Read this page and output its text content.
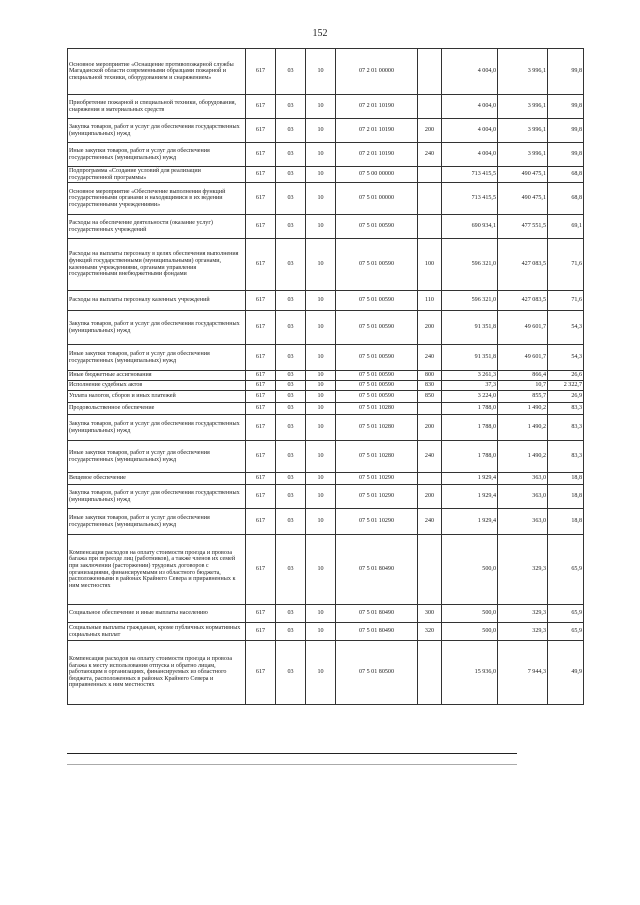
152
Основное мероприятие «Оснащение противопожарной службы Магаданской области современными образцами пожарной и специальной техники, оборудованием и снаряжением»	617	03	10	07 2 01 00000		4 004,0	3 996,1	99,8
Приобретение пожарной и специальной техники, оборудования, снаряжения и материальных средств	617	03	10	07 2 01 10190		4 004,0	3 996,1	99,8
Закупка товаров, работ и услуг для обеспечения государственных (муниципальных) нужд	617	03	10	07 2 01 10190	200	4 004,0	3 996,1	99,8
Иные закупки товаров, работ и услуг для обеспечения государственных (муниципальных) нужд	617	03	10	07 2 01 10190	240	4 004,0	3 996,1	99,8
Подпрограмма «Создание условий для реализации государственной программы»	617	03	10	07 5 00 00000		713 415,5	490 475,1	68,8
Основное мероприятие «Обеспечение выполнения функций государственными органами и находящимися в их ведении государственными учреждениями»	617	03	10	07 5 01 00000		713 415,5	490 475,1	68,8
Расходы на обеспечение деятельности (оказание услуг) государственных учреждений	617	03	10	07 5 01 00590		690 934,1	477 551,5	69,1
Расходы на выплаты персоналу в целях обеспечения выполнения функций государственными (муниципальными) органами, казенными учреждениями, органами управления государственными внебюджетными фондами	617	03	10	07 5 01 00590	100	596 321,0	427 083,5	71,6
Расходы на выплаты персоналу казенных учреждений	617	03	10	07 5 01 00590	110	596 321,0	427 083,5	71,6
Закупка товаров, работ и услуг для обеспечения государственных (муниципальных) нужд	617	03	10	07 5 01 00590	200	91 351,8	49 601,7	54,3
Иные закупки товаров, работ и услуг для обеспечения государственных (муниципальных) нужд	617	03	10	07 5 01 00590	240	91 351,8	49 601,7	54,3
Иные бюджетные ассигнования	617	03	10	07 5 01 00590	800	3 261,3	866,4	26,6
Исполнение судебных актов	617	03	10	07 5 01 00590	830	37,3	10,7	2 322,7
Уплата налогов, сборов и иных платежей	617	03	10	07 5 01 00590	850	3 224,0	855,7	26,9
Продовольственное обеспечение	617	03	10	07 5 01 10280		1 788,0	1 490,2	83,3
Закупка товаров, работ и услуг для обеспечения государственных (муниципальных) нужд	617	03	10	07 5 01 10280	200	1 788,0	1 490,2	83,3
Иные закупки товаров, работ и услуг для обеспечения государственных (муниципальных) нужд	617	03	10	07 5 01 10280	240	1 788,0	1 490,2	83,3
Вещевое обеспечение	617	03	10	07 5 01 10290		1 929,4	363,0	18,8
Закупка товаров, работ и услуг для обеспечения государственных (муниципальных) нужд	617	03	10	07 5 01 10290	200	1 929,4	363,0	18,8
Иные закупки товаров, работ и услуг для обеспечения государственных (муниципальных) нужд	617	03	10	07 5 01 10290	240	1 929,4	363,0	18,8
Компенсация расходов на оплату стоимости проезда и провоза багажа при переезде лиц (работников), а также членов их семей при заключении (расторжении) трудовых договоров с организациями, финансируемыми из областного бюджета, расположенными в районах Крайнего Севера и приравненных к ним местностях	617	03	10	07 5 01 80490		500,0	329,3	65,9
Социальное обеспечение и иные выплаты населению	617	03	10	07 5 01 80490	300	500,0	329,3	65,9
Социальные выплаты гражданам, кроме публичных нормативных социальных выплат	617	03	10	07 5 01 80490	320	500,0	329,3	65,9
Компенсация расходов на оплату стоимости проезда и провоза багажа к месту использования отпуска и обратно лицам, работающим в организациях, финансируемых из областного бюджета, расположенных в районах Крайнего Севера и приравненных к ним местностях	617	03	10	07 5 01 80500		15 936,0	7 944,3	49,9
